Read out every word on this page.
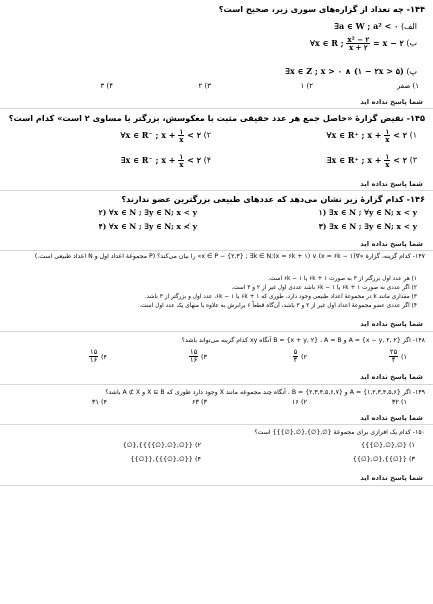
۱۴۴- چه تعداد از گزاره‌های سوری زیر، صحیح است؟
الف) ∃a ∈ W ; a² < ۰
ب) ∀x ∈ R ; $\frac{\text{x² − ۲}}{x + ۲} = x$ − ۲
پ) ∃x ∈ Z ; x > ۰ ∧ (۱ − ۲x > ۵)
۱) صفر
۲) ۱
۳) ۲
۴) ۳
شما پاسخ نداده اید
۱۴۵- نقیض گزارهٔ «حاصل جمع هر عدد حقیقی مثبت با معکوسش، بزرگتر یا مساوی ۲ است» کدام است؟
۱) ∀x ∈ R⁺ ; $x + \frac{۱}{x}$ < ۲
۲) ∀x ∈ R⁻ ; $x + \frac{۱}{x}$ < ۲
۳) ∃x ∈ R⁺ ; $x + \frac{۱}{x}$ < ۲
۴) ∃x ∈ R⁻ ; $x + \frac{۱}{x}$ < ۲
شما پاسخ نداده اید
۱۴۶- کدام گزارهٔ زیر نشان می‌دهد که عددهای طبیعی بزرگترین عضو ندارند؟
۱) ∃x ∈ N ; ∀y ∈ N; x < y
۲) ∀x ∈ N ; ∃y ∈ N; x < y
۳) ∃x ∈ N ; ∃y ∈ N; x < y
۴) ∀x ∈ N ; ∃y ∈ N; x ≮ y
شما پاسخ نداده اید
۱۴۷- کدام گزینه، گزارهٔ «∀x ∈ P − {۲,۳} ; ∃k ∈ N;(x = ۶k + ۱) ∨ (x = ۶k − ۱)» را بیان می‌کند؟ (P مجموعهٔ اعداد اول و N اعداد طبیعی است.)
۱) هر عدد اول بزرگتر از ۳ به صورت ۶k + ۱ یا ۶k − ۱ است.
۲) اگر عددی به صورت ۶k + ۱ یا ۶k − ۱ باشد عددی اول غیر از ۲ و ۳ است.
۳) مقداری مانند k در مجموعهٔ اعداد طبیعی وجود دارد، طوری که ۶k + ۱ یا ۶k − ۱، عدد اول و بزرگتر از ۳ باشد.
۴) اگر عددی عضو مجموعهٔ اعداد اول غیر از ۲ و ۳ باشد، آن‌گاه قطعاً ۶ برابرش به علاوه یا منهای یک عدد اول است.
شما پاسخ نداده اید
۱۴۸- اگر A = {x − y, ۲, ۲} و B = {x + y, ۲} ، A = B آنگاه xy کدام گزینه می‌تواند باشد؟
۱)
$\frac{۲۵}{۴}$
۲)
$\frac{۵}{۴}$
۳)
$\frac{۱۵}{۱۶}$
۴)
$\frac{۱۵}{۱۶}$
شما پاسخ نداده اید
۱۴۹- اگر A = {۱,۲,۳,۴,۵,۶} و B = {۲,۳,۴,۵,۶,۷} ، آنگاه چند مجموعه مانند X وجود دارد طوری که X ⊆ B و A ⊄ X باشد؟
۱) ۳۲
۲) ۱۶
۳) ۶۳
۴) ۳۱
شما پاسخ نداده اید
۱۵۰- کدام یک افرازی برای مجموعهٔ {∅,{∅},{∅,{∅}}} است؟
۱) {∅,{∅,{∅}}}
۲) {{∅,{∅,{∅}}}},{∅}
۳) {{∅}},{∅,{∅}}
۴) {{∅,{∅}}},{{∅}}
شما پاسخ نداده اید
